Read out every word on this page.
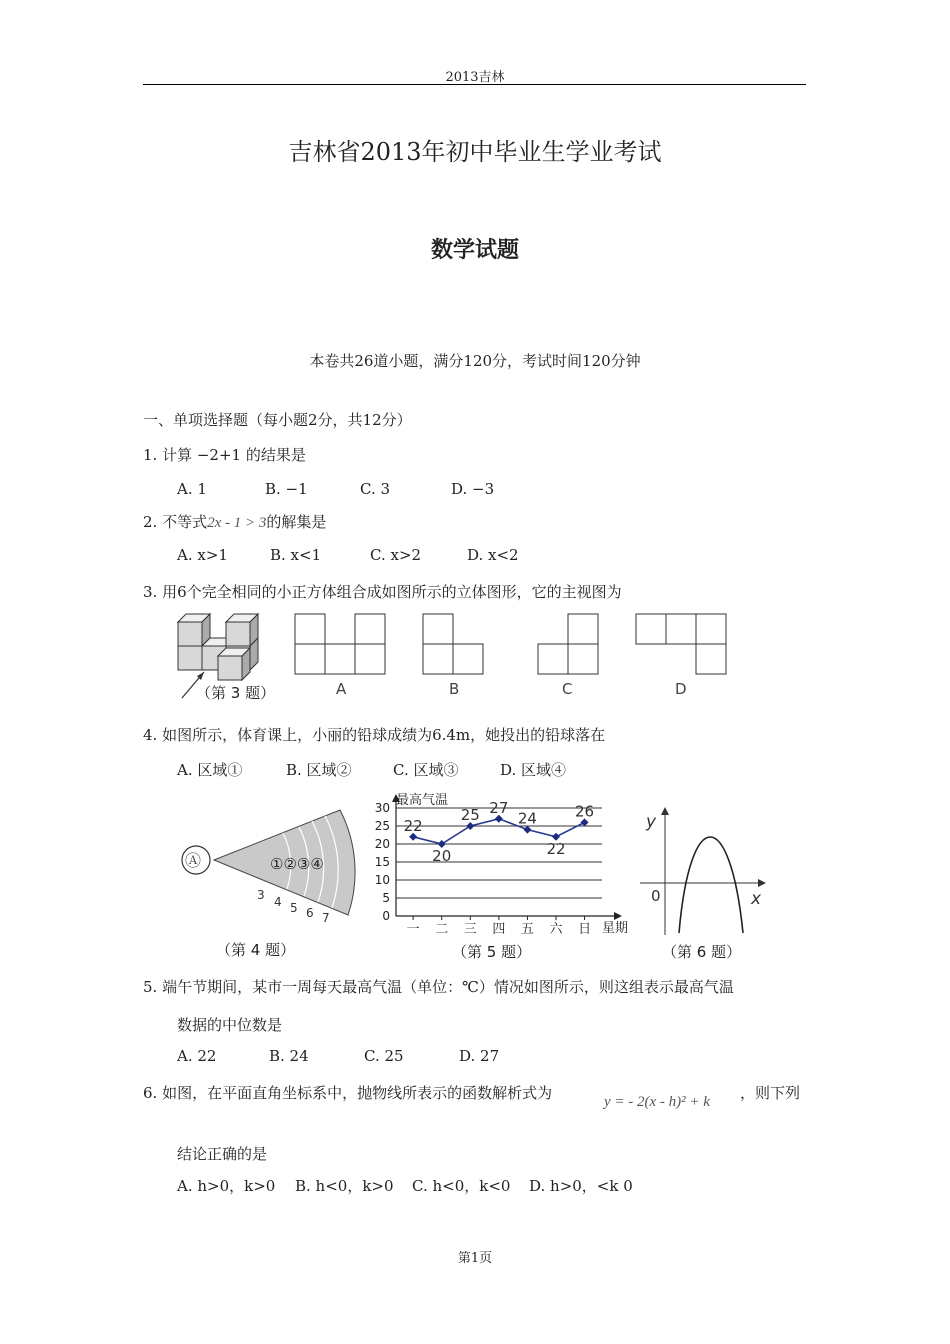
2013吉林
吉林省2013年初中毕业生学业考试
数学试题
本卷共26道小题，满分120分，考试时间120分钟
一、单项选择题（每小题2分，共12分）
1. 计算 −2+1 的结果是
A. 1	B. −1	C. 3	D. −3
2. 不等式2x - 1 > 3的解集是
A. x>1	B. x<1	C. x>2	D. x<2
3. 用6个完全相同的小正方体组合成如图所示的立体图形，它的主视图为
（第 3 题）	A	B	C	D
4. 如图所示，体育课上，小丽的铅球成绩为6.4m，她投出的铅球落在
A. 区域①	B. 区域②	C. 区域③	D. 区域④
Ⓐ	①②③④
3 4 5 6 7
（第 4 题）
0
5
10
15
20
25
30
一 二 三 四 五 六 日
22
20
25 27
24
22
26
最高气温
星期
（第 5 题）
y
x
0
（第 6 题）
5. 端午节期间，某市一周每天最高气温（单位：℃）情况如图所示，则这组表示最高气温
数据的中位数是
A. 22	B. 24	C. 25	D. 27
6. 如图，在平面直角坐标系中，抛物线所表示的函数解析式为	y = - 2(x - h)² + k ，则下列
结论正确的是
A. h>0，k>0 B. h<0，k>0 C. h<0，k<0 D. h>0，<k 0
第1页
